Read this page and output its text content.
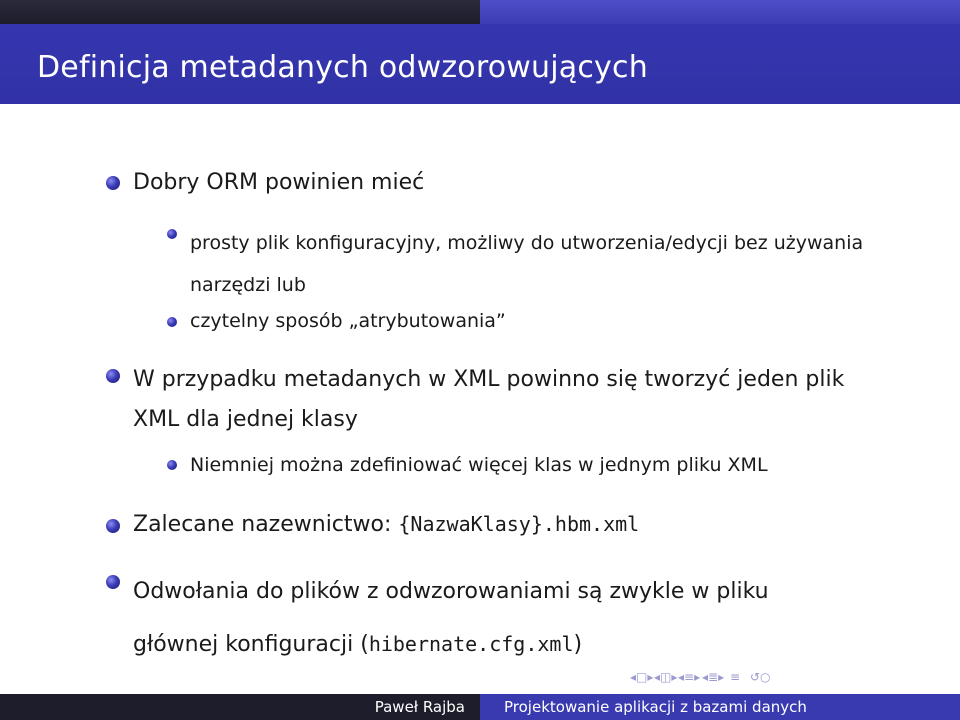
Definicja metadanych odwzorowujących
Dobry ORM powinien mieć
prosty plik konfiguracyjny, możliwy do utworzenia/edycji bez używania narzędzi lub
czytelny sposób „atrybutowania”
W przypadku metadanych w XML powinno się tworzyć jeden plik XML dla jednej klasy
Niemniej można zdefiniować więcej klas w jednym pliku XML
Zalecane nazewnictwo: {NazwaKlasy}.hbm.xml
Odwołania do plików z odwzorowaniami są zwykle w pliku głównej konfiguracji (hibernate.cfg.xml)
◂□▸ ◂◫▸ ◂≡▸ ◂≣▸ ≡ ↺○
Paweł Rajba	Projektowanie aplikacji z bazami danych
